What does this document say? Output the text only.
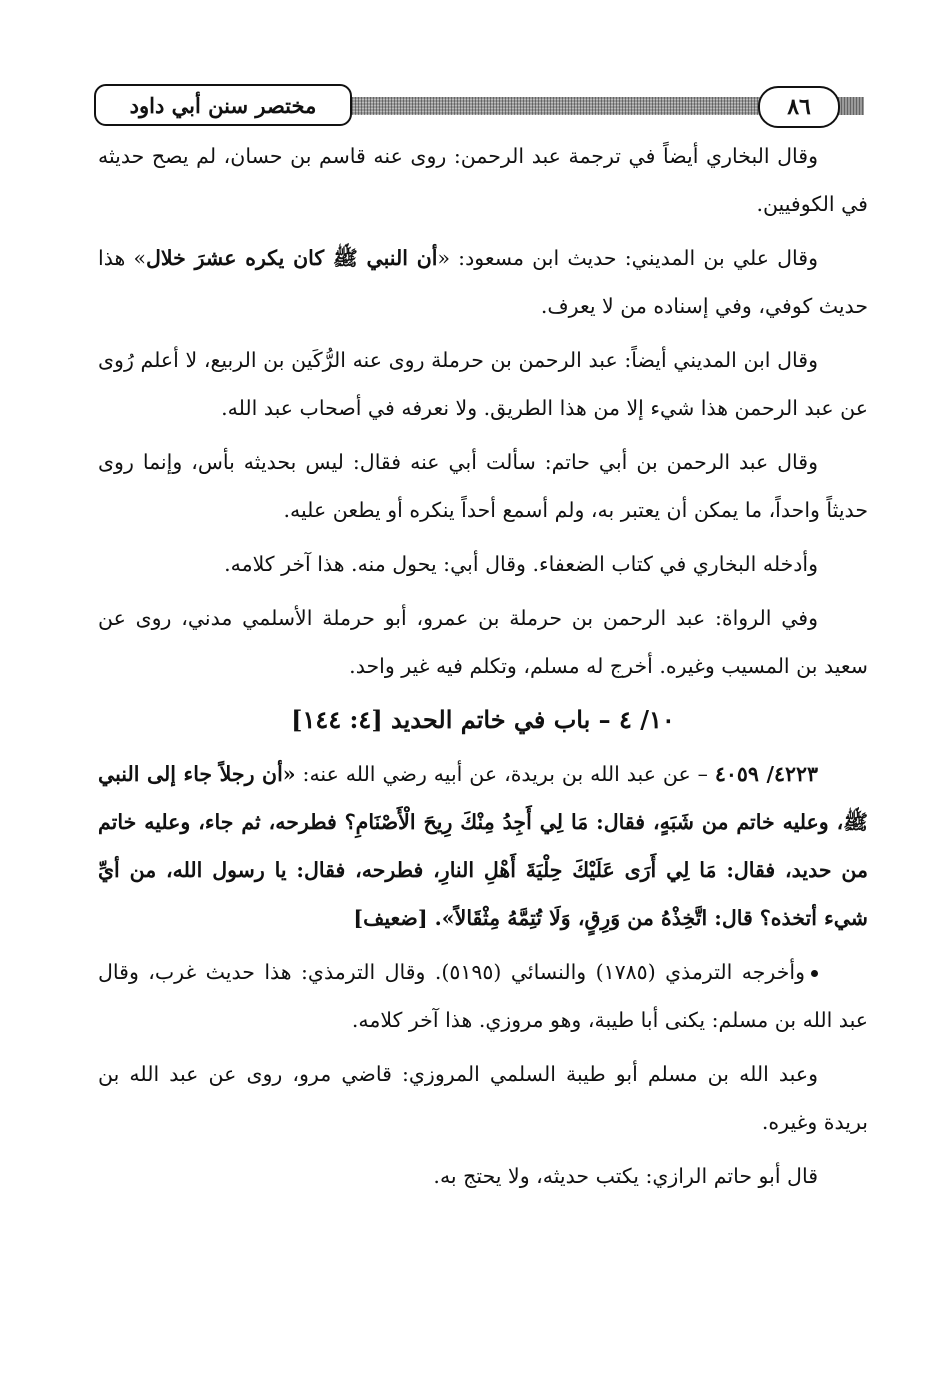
٨٦
مختصر سنن أبي داود

وقال البخاري أيضاً في ترجمة عبد الرحمن: روى عنه قاسم بن حسان، لم يصح حديثه في الكوفيين.

وقال علي بن المديني: حديث ابن مسعود: «أن النبي ﷺ كان يكره عشرَ خلال» هذا حديث كوفي، وفي إسناده من لا يعرف.

وقال ابن المديني أيضاً: عبد الرحمن بن حرملة روى عنه الرُّكَين بن الربيع، لا أعلم رُوى عن عبد الرحمن هذا شيء إلا من هذا الطريق. ولا نعرفه في أصحاب عبد الله.

وقال عبد الرحمن بن أبي حاتم: سألت أبي عنه فقال: ليس بحديثه بأس، وإنما روى حديثاً واحداً، ما يمكن أن يعتبر به، ولم أسمع أحداً ينكره أو يطعن عليه.

وأدخله البخاري في كتاب الضعفاء. وقال أبي: يحول منه. هذا آخر كلامه.

وفي الرواة: عبد الرحمن بن حرملة بن عمرو، أبو حرملة الأسلمي مدني، روى عن سعيد بن المسيب وغيره. أخرج له مسلم، وتكلم فيه غير واحد.

١٠/ ٤ – باب في خاتم الحديد [٤: ١٤٤]

٤٢٢٣/ ٤٠٥٩ – عن عبد الله بن بريدة، عن أبيه رضي الله عنه: «أن رجلاً جاء إلى النبي ﷺ، وعليه خاتم من شَبَهٍ، فقال: مَا لِي أَجِدُ مِنْكَ رِيحَ الْأَصْنَامِ؟ فطرحه، ثم جاء، وعليه خاتم من حديد، فقال: مَا لِي أَرَى عَلَيْكَ حِلْيَةَ أَهْلِ النارِ، فطرحه، فقال: يا رسول الله، من أيِّ شيء أتخذه؟ قال: اتَّخِذْهُ من وَرِقٍ، وَلَا تُتِمَّهُ مِثْقَالاً». [ضعيف]

وأخرجه الترمذي (١٧٨٥) والنسائي (٥١٩٥). وقال الترمذي: هذا حديث غرب، وقال عبد الله بن مسلم: يكنى أبا طيبة، وهو مروزي. هذا آخر كلامه.

وعبد الله بن مسلم أبو طيبة السلمي المروزي: قاضي مرو، روى عن عبد الله بن بريدة وغيره.

قال أبو حاتم الرازي: يكتب حديثه، ولا يحتج به.
